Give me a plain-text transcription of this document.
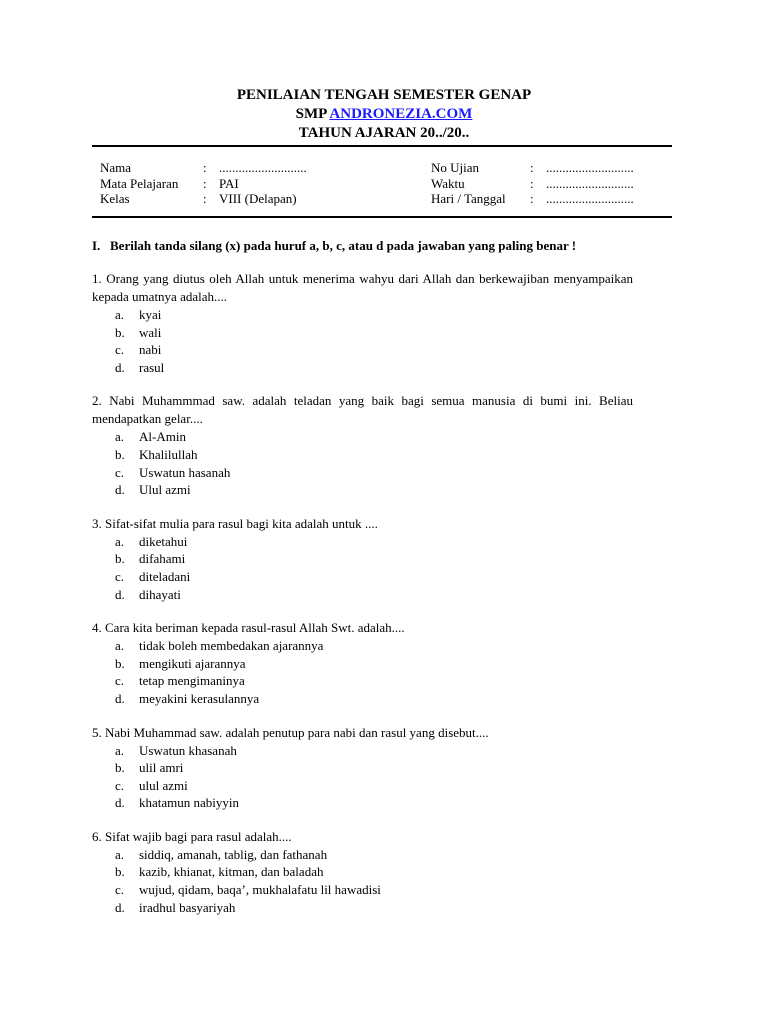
PENILAIAN TENGAH SEMESTER GENAP
SMP ANDRONEZIA.COM
TAHUN AJARAN 20../20..
Nama	: ...........................
Mata Pelajaran	: PAI
Kelas	: VIII (Delapan)
No Ujian	: ...........................
Waktu	: ...........................
Hari / Tanggal	: ...........................
I. Berilah tanda silang (x) pada huruf a, b, c, atau d pada jawaban yang paling benar !
1. Orang yang diutus oleh Allah untuk menerima wahyu dari Allah dan berkewajiban menyampaikan kepada umatnya adalah....
a.	kyai
b.	wali
c.	nabi
d.	rasul
2. Nabi Muhammmad saw. adalah teladan yang baik bagi semua manusia di bumi ini. Beliau mendapatkan gelar....
a.	Al-Amin
b.	Khalilullah
c.	Uswatun hasanah
d.	Ulul azmi
3. Sifat-sifat mulia para rasul bagi kita adalah untuk ....
a.	diketahui
b.	difahami
c.	diteladani
d.	dihayati
4. Cara kita beriman kepada rasul-rasul Allah Swt. adalah....
a.	tidak boleh membedakan ajarannya
b.	mengikuti ajarannya
c.	tetap mengimaninya
d.	meyakini kerasulannya
5. Nabi Muhammad saw. adalah penutup para nabi dan rasul yang disebut....
a.	Uswatun khasanah
b.	ulil amri
c.	ulul azmi
d.	khatamun nabiyyin
6. Sifat wajib bagi para rasul adalah....
a.	siddiq, amanah, tablig, dan fathanah
b.	kazib, khianat, kitman, dan baladah
c.	wujud, qidam, baqa’, mukhalafatu lil hawadisi
d.	iradhul basyariyah
